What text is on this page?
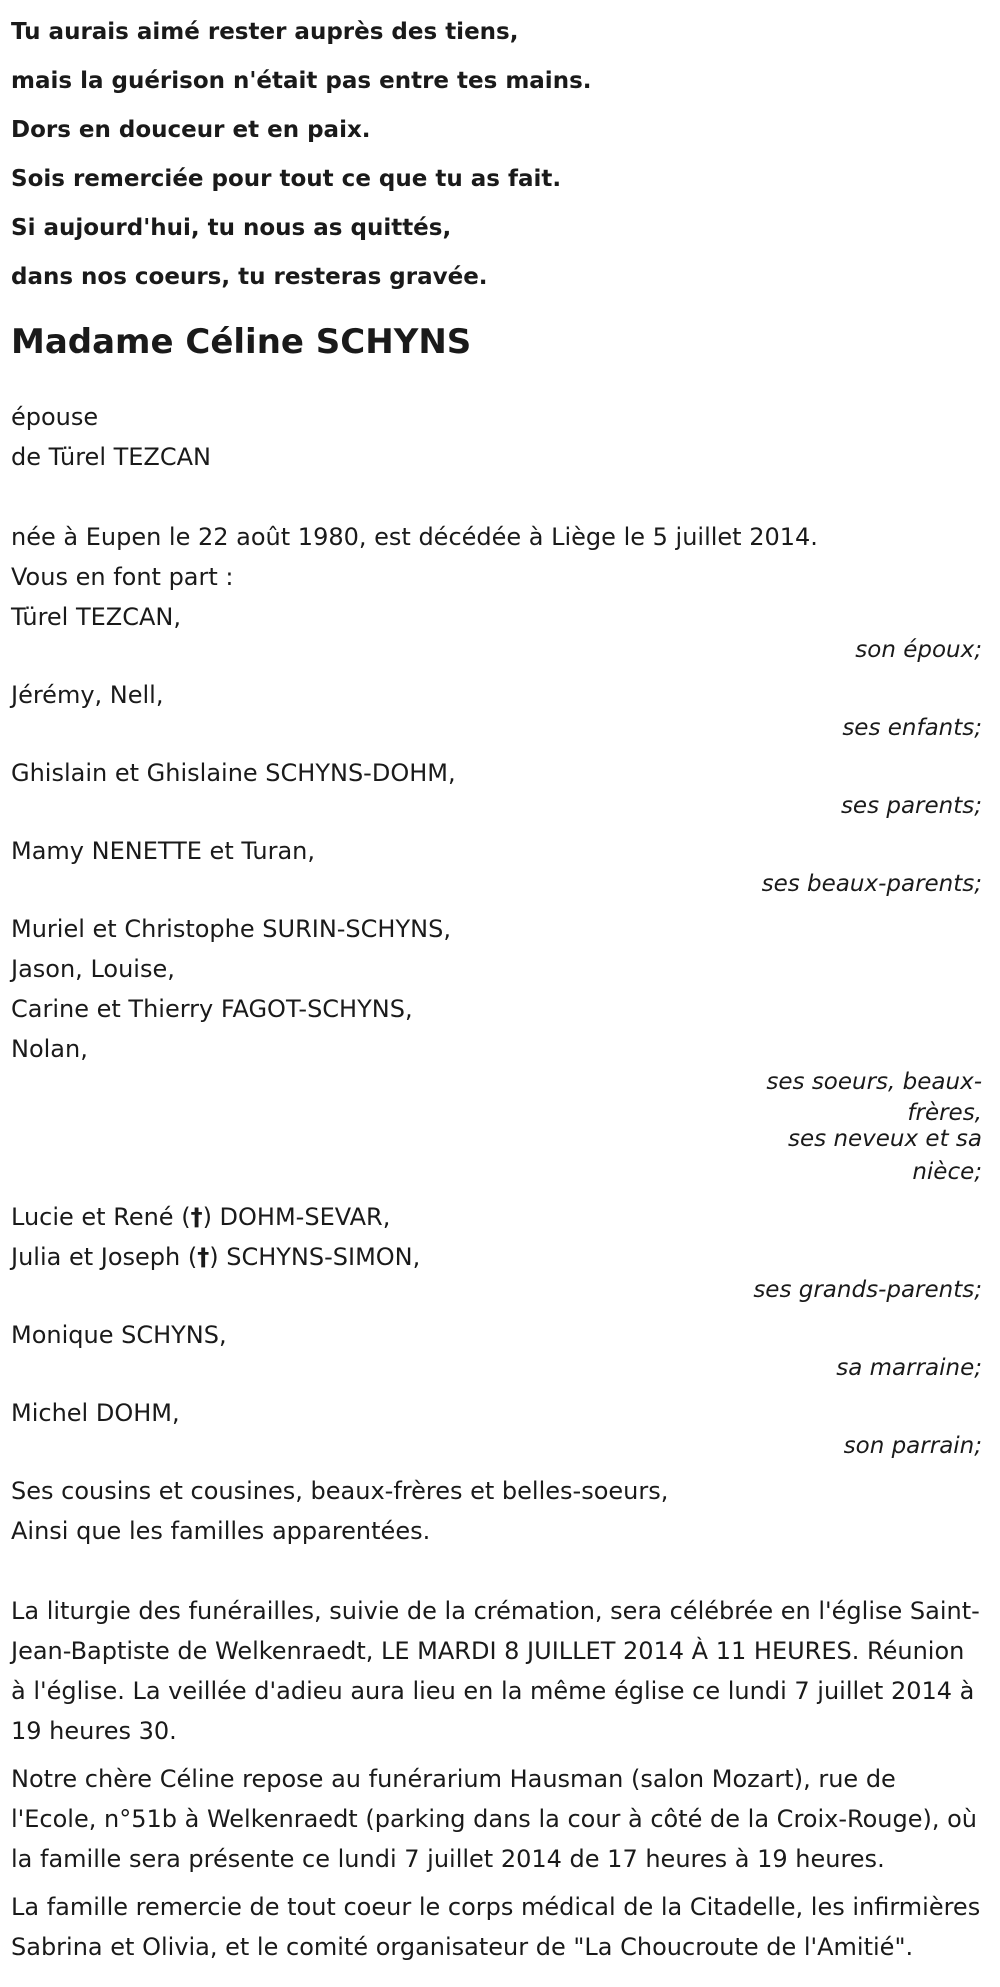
Tu aurais aimé rester auprès des tiens,
mais la guérison n'était pas entre tes mains.
Dors en douceur et en paix.
Sois remerciée pour tout ce que tu as fait.
Si aujourd'hui, tu nous as quittés,
dans nos coeurs, tu resteras gravée.
Madame Céline SCHYNS
épouse
de Türel TEZCAN
née à Eupen le 22 août 1980, est décédée à Liège le 5 juillet 2014.
Vous en font part :
Türel TEZCAN,
son époux;
Jérémy, Nell,
ses enfants;
Ghislain et Ghislaine SCHYNS-DOHM,
ses parents;
Mamy NENETTE et Turan,
ses beaux-parents;
Muriel et Christophe SURIN-SCHYNS,
Jason, Louise,
Carine et Thierry FAGOT-SCHYNS,
Nolan,
ses soeurs, beaux-
frères,
ses neveux et sa
nièce;
Lucie et René (†) DOHM-SEVAR,
Julia et Joseph (†) SCHYNS-SIMON,
ses grands-parents;
Monique SCHYNS,
sa marraine;
Michel DOHM,
son parrain;
Ses cousins et cousines, beaux-frères et belles-soeurs,
Ainsi que les familles apparentées.

La liturgie des funérailles, suivie de la crémation, sera célébrée en l'église Saint-Jean-Baptiste de Welkenraedt, LE MARDI 8 JUILLET 2014 À 11 HEURES. Réunion à l'église. La veillée d'adieu aura lieu en la même église ce lundi 7 juillet 2014 à 19 heures 30.

Notre chère Céline repose au funérarium Hausman (salon Mozart), rue de l'Ecole, n°51b à Welkenraedt (parking dans la cour à côté de la Croix-Rouge), où la famille sera présente ce lundi 7 juillet 2014 de 17 heures à 19 heures.

La famille remercie de tout coeur le corps médical de la Citadelle, les infirmières Sabrina et Olivia, et le comité organisateur de "La Choucroute de l'Amitié".
